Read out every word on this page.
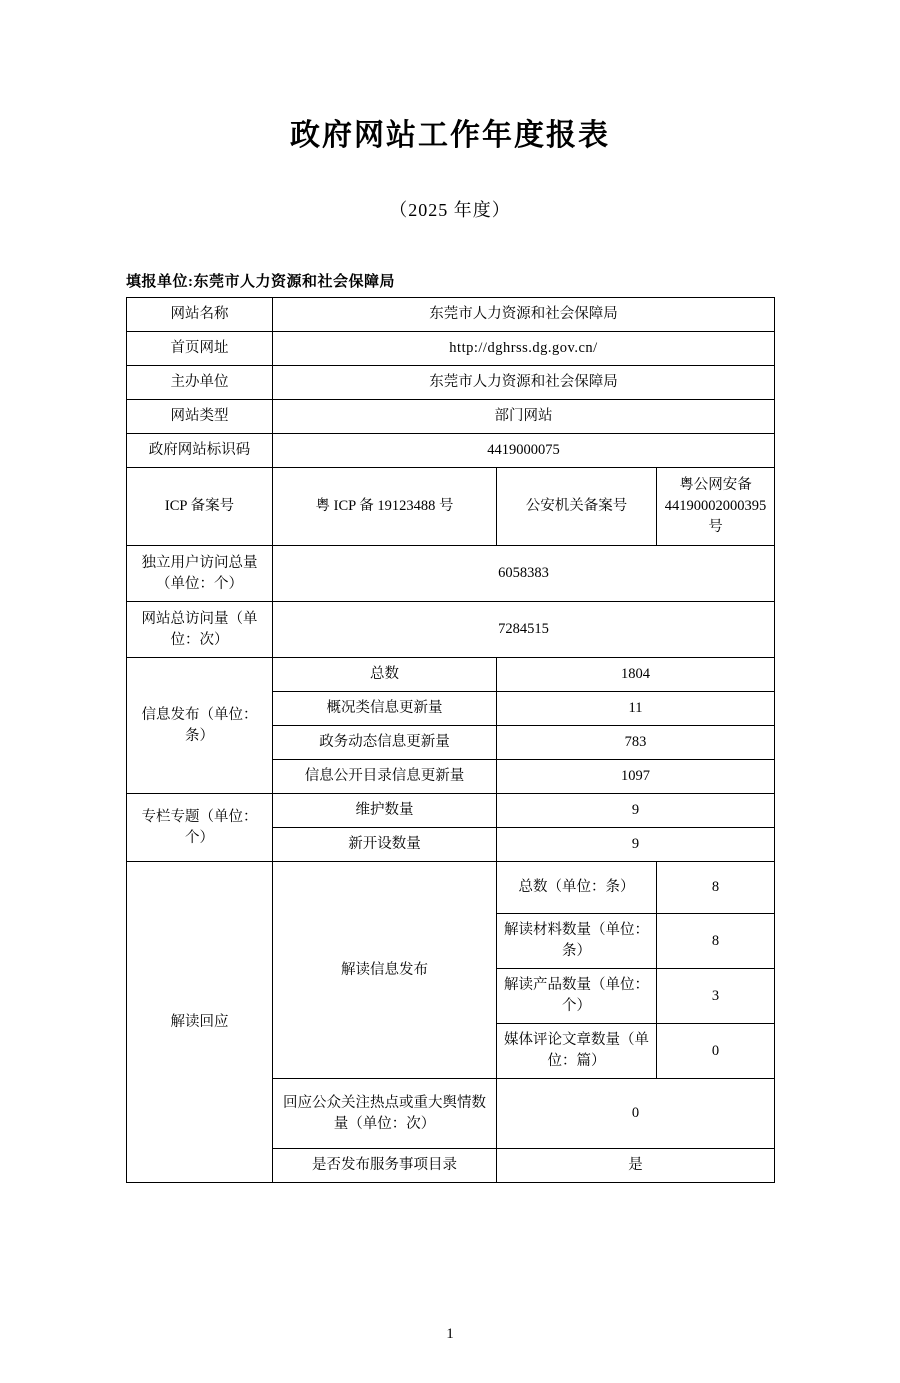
政府网站工作年度报表
（2025 年度）
填报单位:东莞市人力资源和社会保障局
网站名称	东莞市人力资源和社会保障局		
首页网址	http://dghrss.dg.gov.cn/		
主办单位	东莞市人力资源和社会保障局		
网站类型	部门网站		
政府网站标识码	4419000075		
ICP 备案号	粤 ICP 备 19123488 号	公安机关备案号	粤公网安备 44190002000395 号
独立用户访问总量（单位：个）	6058383		
网站总访问量（单位：次）	7284515		
信息发布（单位：条）	总数	1804	
	概况类信息更新量	11	
	政务动态信息更新量	783	
	信息公开目录信息更新量	1097	
专栏专题（单位：个）	维护数量	9	
	新开设数量	9	
解读回应	解读信息发布	总数（单位：条）	8
		解读材料数量（单位：条）	8
		解读产品数量（单位：个）	3
		媒体评论文章数量（单位：篇）	0
	回应公众关注热点或重大舆情数量（单位：次）	0	
	是否发布服务事项目录	是	
1
